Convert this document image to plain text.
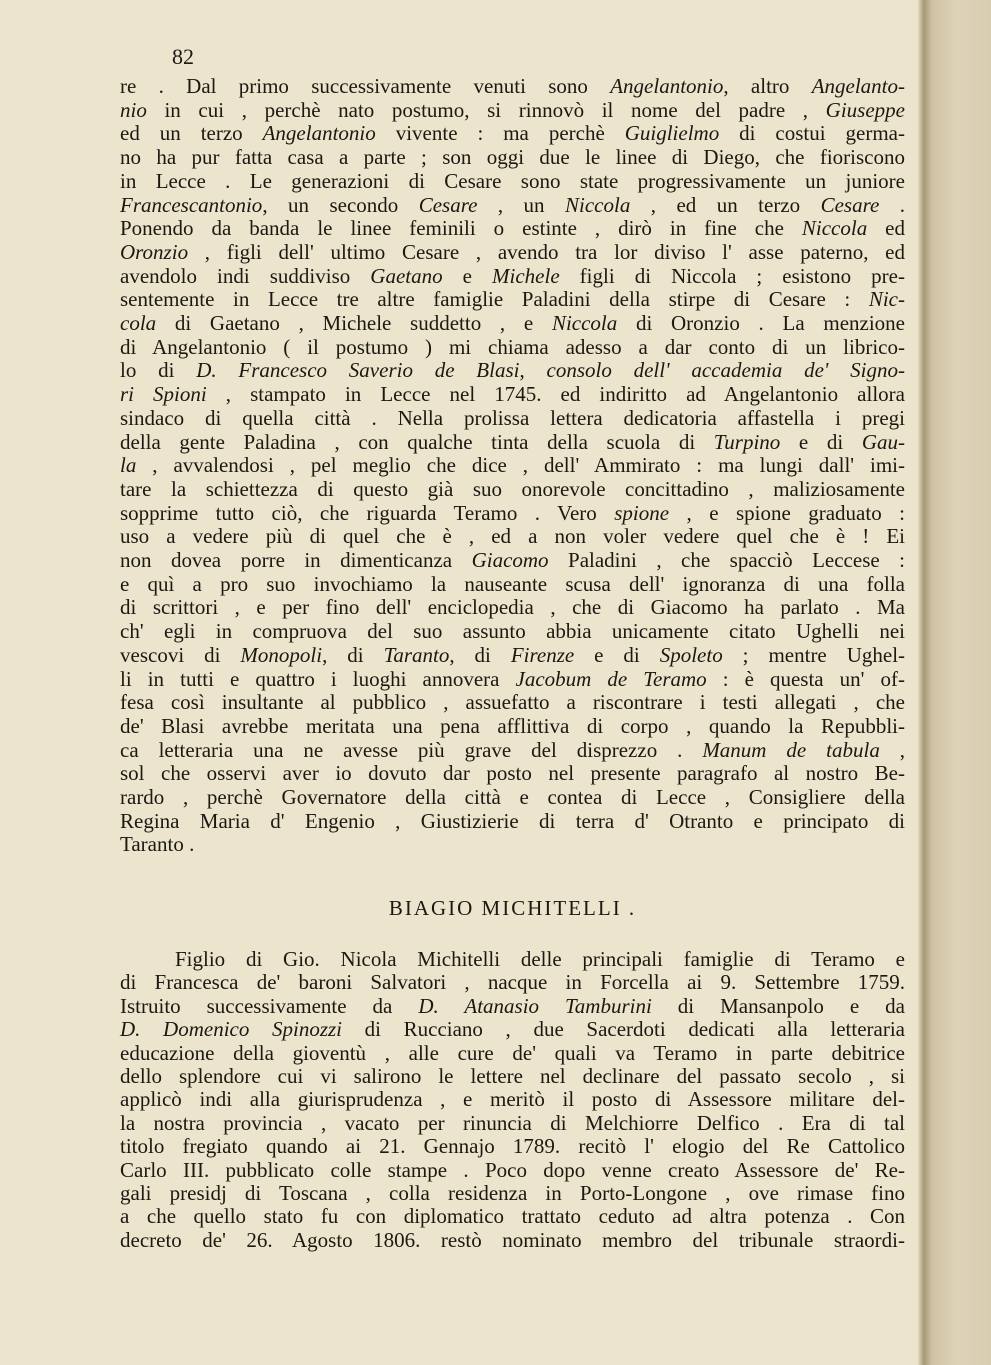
82

re . Dal primo successivamente venuti sono Angelantonio, altro Angelanto-

nio in cui , perchè nato postumo, si rinnovò il nome del padre , Giuseppe

ed un terzo Angelantonio vivente : ma perchè Guiglielmo di costui germa-

no ha pur fatta casa a parte ; son oggi due le linee di Diego, che fioriscono

in Lecce . Le generazioni di Cesare sono state progressivamente un juniore

Francescantonio, un secondo Cesare , un Niccola , ed un terzo Cesare .

Ponendo da banda le linee feminili o estinte , dirò in fine che Niccola ed

Oronzio , figli dell' ultimo Cesare , avendo tra lor diviso l' asse paterno, ed

avendolo indi suddiviso Gaetano e Michele figli di Niccola ; esistono pre-

sentemente in Lecce tre altre famiglie Paladini della stirpe di Cesare : Nic-

cola di Gaetano , Michele suddetto , e Niccola di Oronzio . La menzione

di Angelantonio ( il postumo ) mi chiama adesso a dar conto di un librico-

lo di D. Francesco Saverio de Blasi, consolo dell' accademia de' Signo-

ri Spioni , stampato in Lecce nel 1745. ed indiritto ad Angelantonio allora

sindaco di quella città . Nella prolissa lettera dedicatoria affastella i pregi

della gente Paladina , con qualche tinta della scuola di Turpino e di Gau-

la , avvalendosi , pel meglio che dice , dell' Ammirato : ma lungi dall' imi-

tare la schiettezza di questo già suo onorevole concittadino , maliziosamente

sopprime tutto ciò, che riguarda Teramo . Vero spione , e spione graduato :

uso a vedere più di quel che è , ed a non voler vedere quel che è ! Ei

non dovea porre in dimenticanza Giacomo Paladini , che spacciò Leccese :

e quì a pro suo invochiamo la nauseante scusa dell' ignoranza di una folla

di scrittori , e per fino dell' enciclopedia , che di Giacomo ha parlato . Ma

ch' egli in compruova del suo assunto abbia unicamente citato Ughelli nei

vescovi di Monopoli, di Taranto, di Firenze e di Spoleto ; mentre Ughel-

li in tutti e quattro i luoghi annovera Jacobum de Teramo : è questa un' of-

fesa così insultante al pubblico , assuefatto a riscontrare i testi allegati , che

de' Blasi avrebbe meritata una pena afflittiva di corpo , quando la Repubbli-

ca letteraria una ne avesse più grave del disprezzo . Manum de tabula ,

sol che osservi aver io dovuto dar posto nel presente paragrafo al nostro Be-

rardo , perchè Governatore della città e contea di Lecce , Consigliere della

Regina Maria d' Engenio , Giustizierie di terra d' Otranto e principato di

Taranto .

BIAGIO MICHITELLI .

Figlio di Gio. Nicola Michitelli delle principali famiglie di Teramo e

di Francesca de' baroni Salvatori , nacque in Forcella ai 9. Settembre 1759.

Istruito successivamente da D. Atanasio Tamburini di Mansanpolo e da

D. Domenico Spinozzi di Rucciano , due Sacerdoti dedicati alla letteraria

educazione della gioventù , alle cure de' quali va Teramo in parte debitrice

dello splendore cui vi salirono le lettere nel declinare del passato secolo , si

applicò indi alla giurisprudenza , e meritò il posto di Assessore militare del-

la nostra provincia , vacato per rinuncia di Melchiorre Delfico . Era di tal

titolo fregiato quando ai 21. Gennajo 1789. recitò l' elogio del Re Cattolico

Carlo III. pubblicato colle stampe . Poco dopo venne creato Assessore de' Re-

gali presidj di Toscana , colla residenza in Porto-Longone , ove rimase fino

a che quello stato fu con diplomatico trattato ceduto ad altra potenza . Con

decreto de' 26. Agosto 1806. restò nominato membro del tribunale straordi-
